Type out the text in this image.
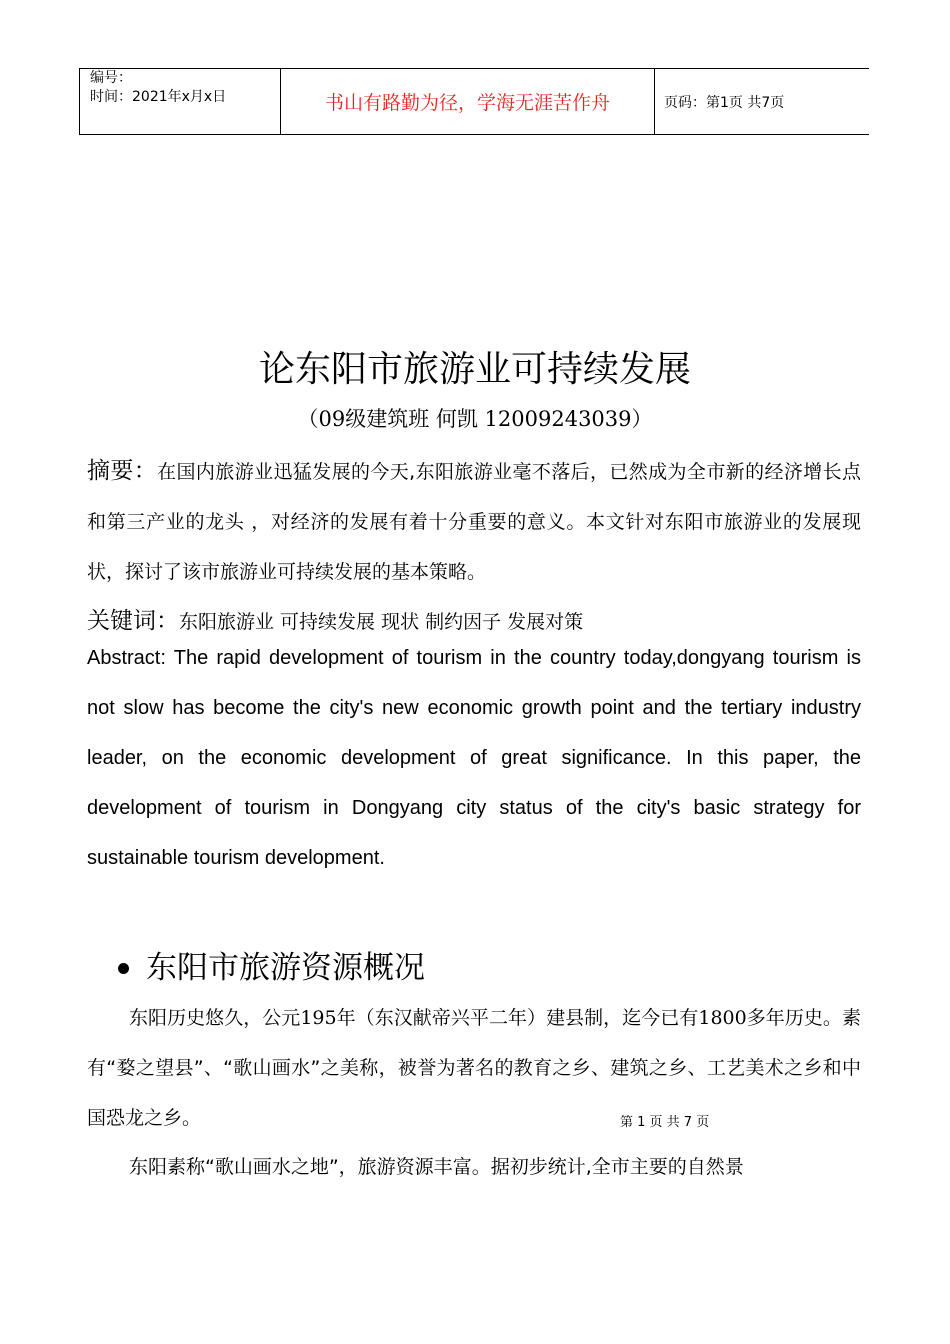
编号：
时间：2021年x月x日	书山有路勤为径，学海无涯苦作舟	页码：第1页 共7页
论东阳市旅游业可持续发展
（09级建筑班 何凯 12009243039）

摘要：在国内旅游业迅猛发展的今天,东阳旅游业毫不落后，已然成为全市新的经济增长点和第三产业的龙头 ，对经济的发展有着十分重要的意义。本文针对东阳市旅游业的发展现状，探讨了该市旅游业可持续发展的基本策略。

关键词：东阳旅游业 可持续发展 现状 制约因子 发展对策

Abstract: The rapid development of tourism in the country today,dongyang tourism is not slow has become the city's new economic growth point and the tertiary industry leader, on the economic development of great significance. In this paper, the development of tourism in Dongyang city status of the city's basic strategy for sustainable tourism development.

东阳市旅游资源概况

东阳历史悠久，公元195年（东汉献帝兴平二年）建县制，迄今已有1800多年历史。素有“婺之望县”、“歌山画水”之美称，被誉为著名的教育之乡、建筑之乡、工艺美术之乡和中国恐龙之乡。

东阳素称“歌山画水之地”，旅游资源丰富。据初步统计,全市主要的自然景

第 1 页 共 7 页
